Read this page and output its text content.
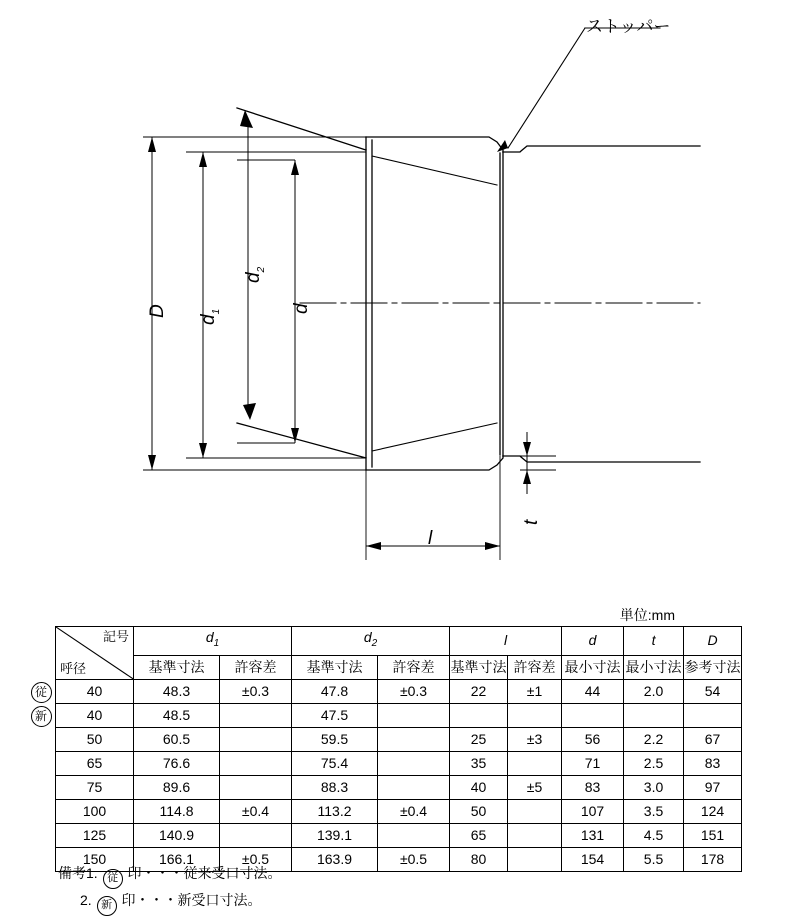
ストッパー
D
$d_1$
$d_2$
d
l
t
単位:mm
記号
呼径	$d_1$		$d_2$		l		d	t	D
	基準寸法	許容差	基準寸法	許容差	基準寸法	許容差	最小寸法	最小寸法	参考寸法

従 40	48.3	±0.3	47.8	±0.3	22	±1	44	2.0	54

新 40	48.5		47.5						
50	60.5		59.5		25	±3	56	2.2	67
65	76.6		75.4		35		71	2.5	83
75	89.6		88.3		40	±5	83	3.0	97
100	114.8	±0.4	113.2	±0.4	50		107	3.5	124
125	140.9		139.1		65		131	4.5	151
150	166.1	±0.5	163.9	±0.5	80		154	5.5	178
備考1. 従 印・・・従来受口寸法。
2. 新 印・・・新受口寸法。
